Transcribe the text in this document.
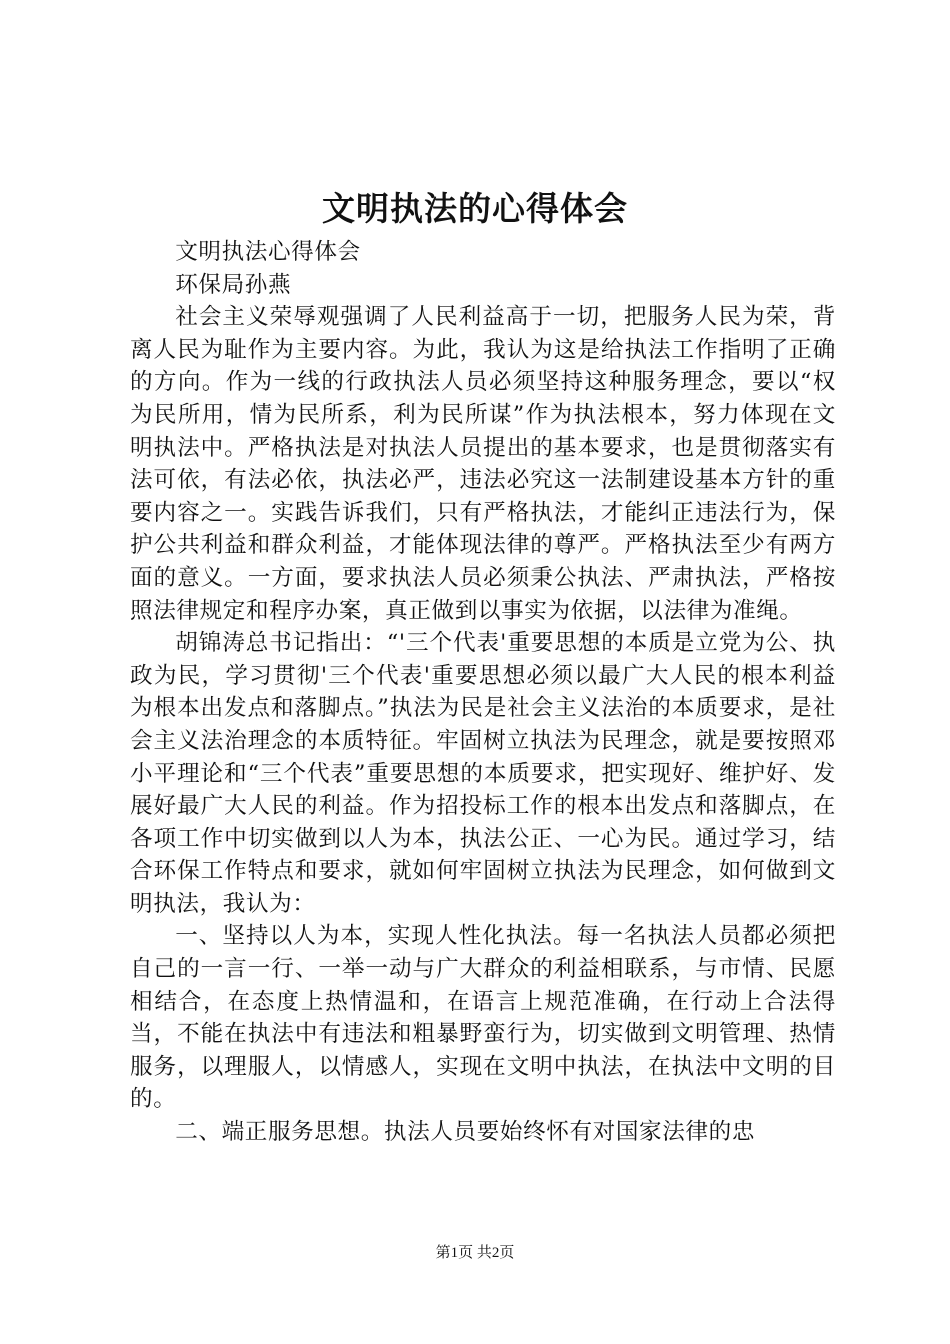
文明执法的心得体会

文明执法心得体会

环保局孙燕

社会主义荣辱观强调了人民利益高于一切，把服务人民为荣，背离人民为耻作为主要内容。为此，我认为这是给执法工作指明了正确的方向。作为一线的行政执法人员必须坚持这种服务理念，要以“权为民所用，情为民所系，利为民所谋”作为执法根本，努力体现在文明执法中。严格执法是对执法人员提出的基本要求，也是贯彻落实有法可依，有法必依，执法必严，违法必究这一法制建设基本方针的重要内容之一。实践告诉我们，只有严格执法，才能纠正违法行为，保护公共利益和群众利益，才能体现法律的尊严。严格执法至少有两方面的意义。一方面，要求执法人员必须秉公执法、严肃执法，严格按照法律规定和程序办案，真正做到以事实为依据，以法律为准绳。

胡锦涛总书记指出：“'三个代表'重要思想的本质是立党为公、执政为民，学习贯彻'三个代表'重要思想必须以最广大人民的根本利益为根本出发点和落脚点。”执法为民是社会主义法治的本质要求，是社会主义法治理念的本质特征。牢固树立执法为民理念，就是要按照邓小平理论和“三个代表”重要思想的本质要求，把实现好、维护好、发展好最广大人民的利益。作为招投标工作的根本出发点和落脚点，在各项工作中切实做到以人为本，执法公正、一心为民。通过学习，结合环保工作特点和要求，就如何牢固树立执法为民理念，如何做到文明执法，我认为：

一、坚持以人为本，实现人性化执法。每一名执法人员都必须把自己的一言一行、一举一动与广大群众的利益相联系，与市情、民愿相结合，在态度上热情温和，在语言上规范准确，在行动上合法得当，不能在执法中有违法和粗暴野蛮行为，切实做到文明管理、热情服务，以理服人，以情感人，实现在文明中执法，在执法中文明的目的。

二、端正服务思想。执法人员要始终怀有对国家法律的忠

第1页 共2页
